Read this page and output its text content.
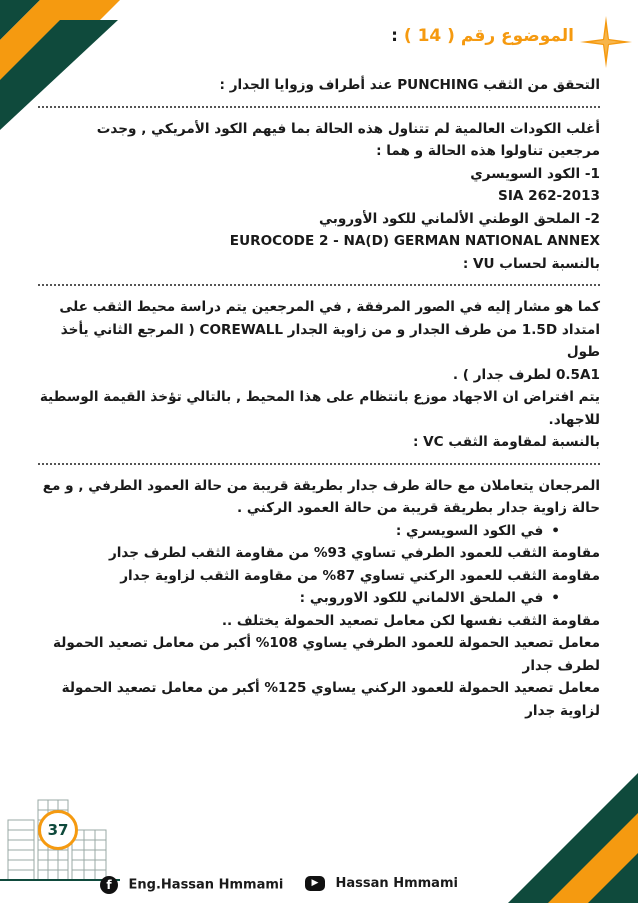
الموضوع رقم ( 14 ) :

التحقق من الثقب PUNCHING عند أطراف وزوايا الجدار :

أغلب الكودات العالمية لم تتناول هذه الحالة بما فيهم الكود الأمريكي , وجدت

مرجعين تناولوا هذه الحالة و هما :

1- الكود السويسري

SIA 262-2013

2- الملحق الوطني الألماني للكود الأوروبي

EUROCODE 2 - NA(D) GERMAN NATIONAL ANNEX

بالنسبة لحساب VU :

كما هو مشار إليه في الصور المرفقة , في المرجعين يتم دراسة محيط الثقب على

امتداد 1.5D من طرف الجدار و من زاوية الجدار COREWALL ( المرجع الثاني يأخذ طول

0.5A1 لطرف جدار ) .

يتم افتراض ان الاجهاد موزع بانتظام على هذا المحيط , بالتالي تؤخذ القيمة الوسطية

للاجهاد.

بالنسبة لمقاومة الثقب VC :

المرجعان يتعاملان مع حالة طرف جدار بطريقة قريبة من حالة العمود الطرفي , و مع

حالة زاوية جدار بطريقة قريبة من حالة العمود الركني .

• في الكود السويسري :

مقاومة الثقب للعمود الطرفي تساوي 93% من مقاومة الثقب لطرف جدار

مقاومة الثقب للعمود الركني تساوي 87% من مقاومة الثقب لزاوية جدار

• في الملحق الالماني للكود الاوروبي :

مقاومة الثقب نفسها لكن معامل تصعيد الحمولة يختلف ..

معامل تصعيد الحمولة للعمود الطرفي يساوي 108% أكبر من معامل تصعيد الحمولة

لطرف جدار

معامل تصعيد الحمولة للعمود الركني يساوي 125% أكبر من معامل تصعيد الحمولة

لزاوية جدار

37
f Eng.Hassan Hmmami	▶ Hassan Hmmami
